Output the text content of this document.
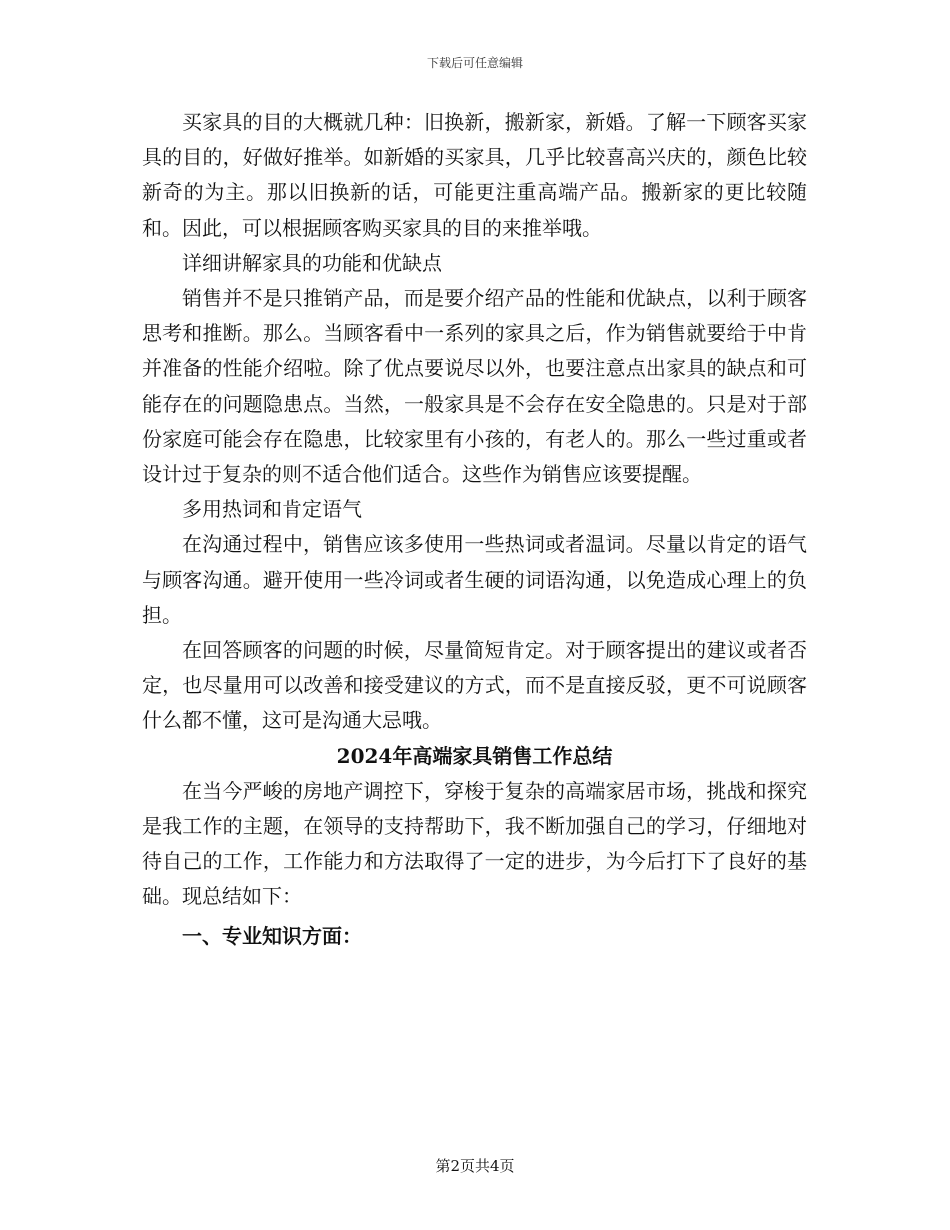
下载后可任意编辑

买家具的目的大概就几种：旧换新，搬新家，新婚。了解一下顾客买家具的目的，好做好推举。如新婚的买家具，几乎比较喜高兴庆的，颜色比较新奇的为主。那以旧换新的话，可能更注重高端产品。搬新家的更比较随和。因此，可以根据顾客购买家具的目的来推举哦。

详细讲解家具的功能和优缺点

销售并不是只推销产品，而是要介绍产品的性能和优缺点，以利于顾客思考和推断。那么。当顾客看中一系列的家具之后，作为销售就要给于中肯并准备的性能介绍啦。除了优点要说尽以外，也要注意点出家具的缺点和可能存在的问题隐患点。当然，一般家具是不会存在安全隐患的。只是对于部份家庭可能会存在隐患，比较家里有小孩的，有老人的。那么一些过重或者设计过于复杂的则不适合他们适合。这些作为销售应该要提醒。

多用热词和肯定语气

在沟通过程中，销售应该多使用一些热词或者温词。尽量以肯定的语气与顾客沟通。避开使用一些冷词或者生硬的词语沟通，以免造成心理上的负担。

在回答顾客的问题的时候，尽量简短肯定。对于顾客提出的建议或者否定，也尽量用可以改善和接受建议的方式，而不是直接反驳，更不可说顾客什么都不懂，这可是沟通大忌哦。

2024年高端家具销售工作总结

在当今严峻的房地产调控下，穿梭于复杂的高端家居市场，挑战和探究是我工作的主题，在领导的支持帮助下，我不断加强自己的学习，仔细地对待自己的工作，工作能力和方法取得了一定的进步，为今后打下了良好的基础。现总结如下：

一、专业知识方面：

第2页共4页
